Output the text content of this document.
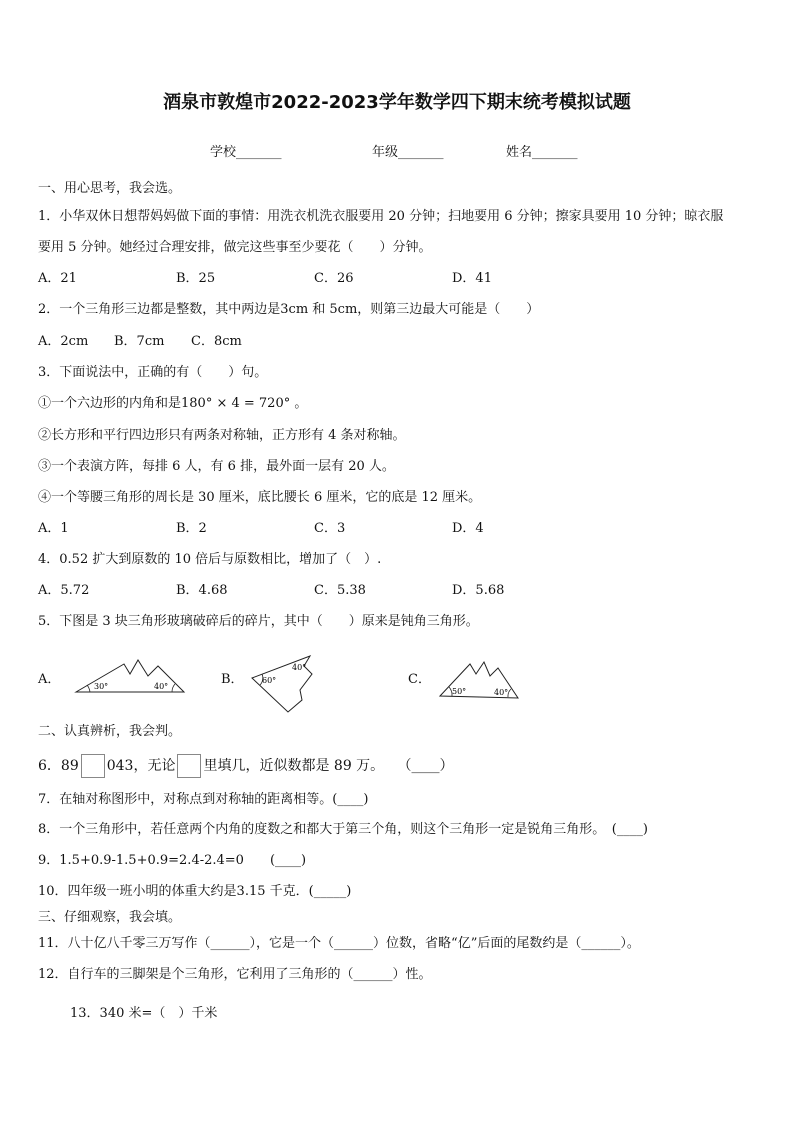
酒泉市敦煌市2022-2023学年数学四下期末统考模拟试题
学校_______	年级_______	姓名_______
一、用心思考，我会选。
1．小华双休日想帮妈妈做下面的事情：用洗衣机洗衣服要用 20 分钟；扫地要用 6 分钟；擦家具要用 10 分钟；晾衣服
要用 5 分钟。她经过合理安排，做完这些事至少要花（　　）分钟。
A．21	B．25	C．26	D．41
2．一个三角形三边都是整数，其中两边是3cm 和 5cm，则第三边最大可能是（　　）
A．2cm B．7cm C．8cm
3．下面说法中，正确的有（　　）句。
①一个六边形的内角和是180° × 4 = 720° 。
②长方形和平行四边形只有两条对称轴，正方形有 4 条对称轴。
③一个表演方阵，每排 6 人，有 6 排，最外面一层有 20 人。
④一个等腰三角形的周长是 30 厘米，底比腰长 6 厘米，它的底是 12 厘米。
A．1	B．2	C．3	D．4
4．0.52 扩大到原数的 10 倍后与原数相比，增加了（　）.
A．5.72	B．4.68	C．5.38	D．5.68
5．下图是 3 块三角形玻璃破碎后的碎片，其中（　　）原来是钝角三角形。
A．	30°	40°	B． 60°
40°
C．
50°	40°
二、认真辨析，我会判。
6．89 043，无论 里填几，近似数都是 89 万。 （____）
7．在轴对称图形中，对称点到对称轴的距离相等。(____)
8．一个三角形中，若任意两个内角的度数之和都大于第三个角，则这个三角形一定是锐角三角形。　(____)
9．1.5+0.9-1.5+0.9=2.4-2.4=0　　(____)
10．四年级一班小明的体重大约是3.15 千克．(_____)
三、仔细观察，我会填。
11．八十亿八千零三万写作（______），它是一个（______）位数，省略“亿”后面的尾数约是（______）。
12．自行车的三脚架是个三角形，它利用了三角形的（______）性。
13．340 米=（　）千米
